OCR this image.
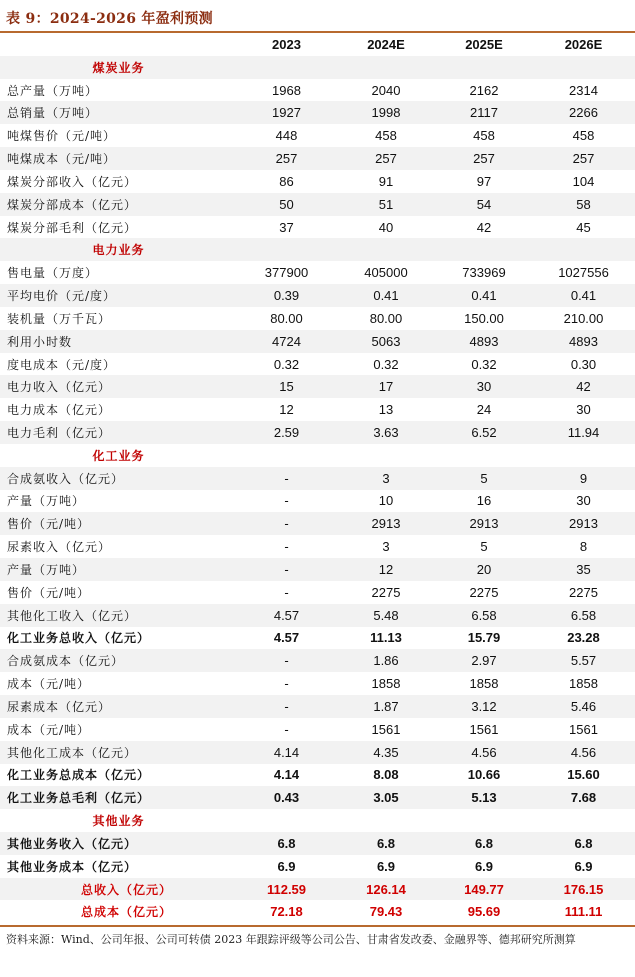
表 9：2024-2026 年盈利预测
	2023	2024E	2025E	2026E
煤炭业务				
总产量（万吨）	1968	2040	2162	2314
总销量（万吨）	1927	1998	2117	2266
吨煤售价（元/吨）	448	458	458	458
吨煤成本（元/吨）	257	257	257	257
煤炭分部收入（亿元）	86	91	97	104
煤炭分部成本（亿元）	50	51	54	58
煤炭分部毛利（亿元）	37	40	42	45
电力业务				
售电量（万度）	377900	405000	733969	1027556
平均电价（元/度）	0.39	0.41	0.41	0.41
装机量（万千瓦）	80.00	80.00	150.00	210.00
利用小时数	4724	5063	4893	4893
度电成本（元/度）	0.32	0.32	0.32	0.30
电力收入（亿元）	15	17	30	42
电力成本（亿元）	12	13	24	30
电力毛利（亿元）	2.59	3.63	6.52	11.94
化工业务				
合成氨收入（亿元）	-	3	5	9
产量（万吨）	-	10	16	30
售价（元/吨）	-	2913	2913	2913
尿素收入（亿元）	-	3	5	8
产量（万吨）	-	12	20	35
售价（元/吨）	-	2275	2275	2275
其他化工收入（亿元）	4.57	5.48	6.58	6.58
化工业务总收入（亿元）	4.57	11.13	15.79	23.28
合成氨成本（亿元）	-	1.86	2.97	5.57
成本（元/吨）	-	1858	1858	1858
尿素成本（亿元）	-	1.87	3.12	5.46
成本（元/吨）	-	1561	1561	1561
其他化工成本（亿元）	4.14	4.35	4.56	4.56
化工业务总成本（亿元）	4.14	8.08	10.66	15.60
化工业务总毛利（亿元）	0.43	3.05	5.13	7.68
其他业务				
其他业务收入（亿元）	6.8	6.8	6.8	6.8
其他业务成本（亿元）	6.9	6.9	6.9	6.9
总收入（亿元）	112.59	126.14	149.77	176.15
总成本（亿元）	72.18	79.43	95.69	111.11
资料来源：Wind、公司年报、公司可转债 2023 年跟踪评级等公司公告、甘肃省发改委、金融界等、德邦研究所测算
